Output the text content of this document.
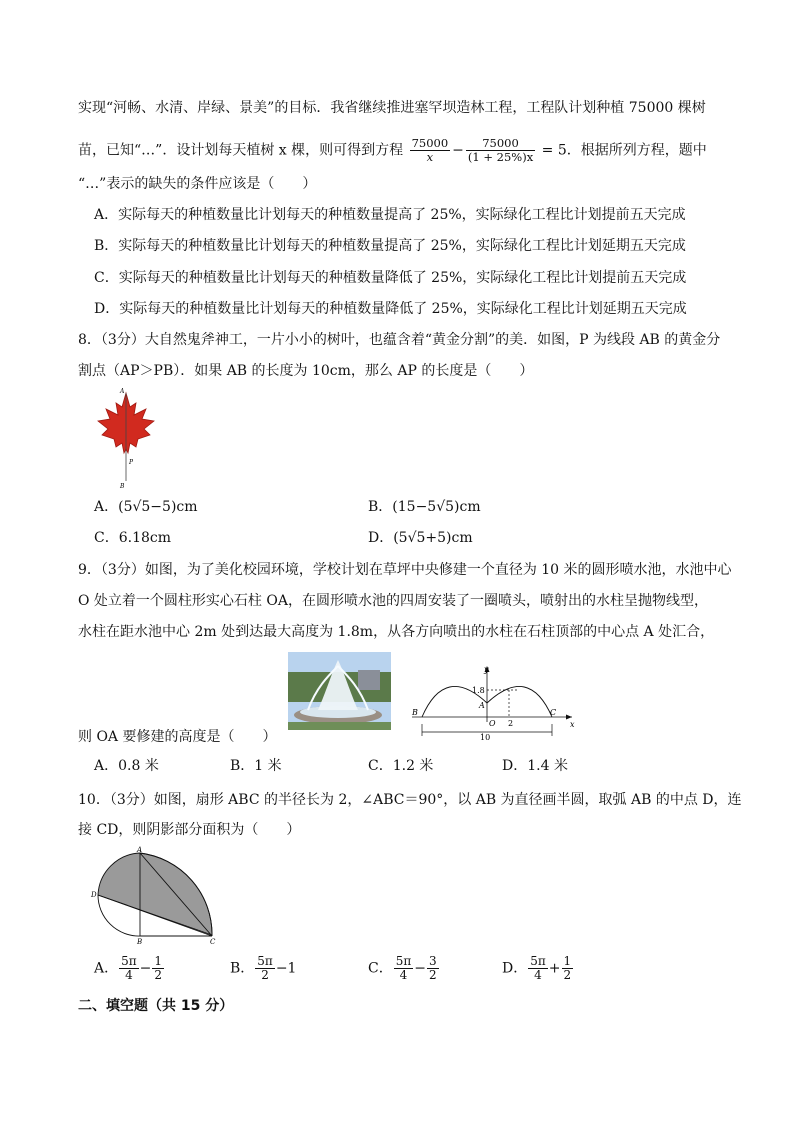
实现“河畅、水清、岸绿、景美”的目标．我省继续推进塞罕坝造林工程，工程队计划种植 75000 棵树
苗，已知“…”．设计划每天植树 x 棵，则可得到方程 $\frac{75000}{x} - \frac{75000}{(1 + 25\%)x} = 5$．根据所列方程，题中
“…”表示的缺失的条件应该是（　　）
A．实际每天的种植数量比计划每天的种植数量提高了 25%，实际绿化工程比计划提前五天完成
B．实际每天的种植数量比计划每天的种植数量提高了 25%，实际绿化工程比计划延期五天完成
C．实际每天的种植数量比计划每天的种植数量降低了 25%，实际绿化工程比计划提前五天完成
D．实际每天的种植数量比计划每天的种植数量降低了 25%，实际绿化工程比计划延期五天完成
8．（3分）大自然鬼斧神工，一片小小的树叶，也蕴含着“黄金分割”的美．如图，P 为线段 AB 的黄金分
割点（AP＞PB）．如果 AB 的长度为 10cm，那么 AP 的长度是（　　）
A
P
B
A．(5√5−5)cm	B．(15−5√5)cm
C．6.18cm	D．(5√5+5)cm
9．（3分）如图，为了美化校园环境，学校计划在草坪中央修建一个直径为 10 米的圆形喷水池，水池中心
O 处立着一个圆柱形实心石柱 OA，在圆形喷水池的四周安装了一圈喷头，喷射出的水柱呈抛物线型，
水柱在距水池中心 2m 处到达最大高度为 1.8m，从各方向喷出的水柱在石柱顶部的中心点 A 处汇合，
y
x
1.8
A
O
B	C
2
10
则 OA 要修建的高度是（　　）
A．0.8 米	B．1 米	C．1.2 米	D．1.4 米
10．（3分）如图，扇形 ABC 的半径长为 2，∠ABC＝90°，以 AB 为直径画半圆，取弧 AB 的中点 D，连
接 CD，则阴影部分面积为（　　）
A
B	C
D
A． $\frac{5\pi}{4} - \frac{1}{2}$	B． $\frac{5\pi}{2} -1$	C． $\frac{5\pi}{4} - \frac{3}{2}$	D． $\frac{5\pi}{4} + \frac{1}{2}$
二、填空题（共 15 分）
